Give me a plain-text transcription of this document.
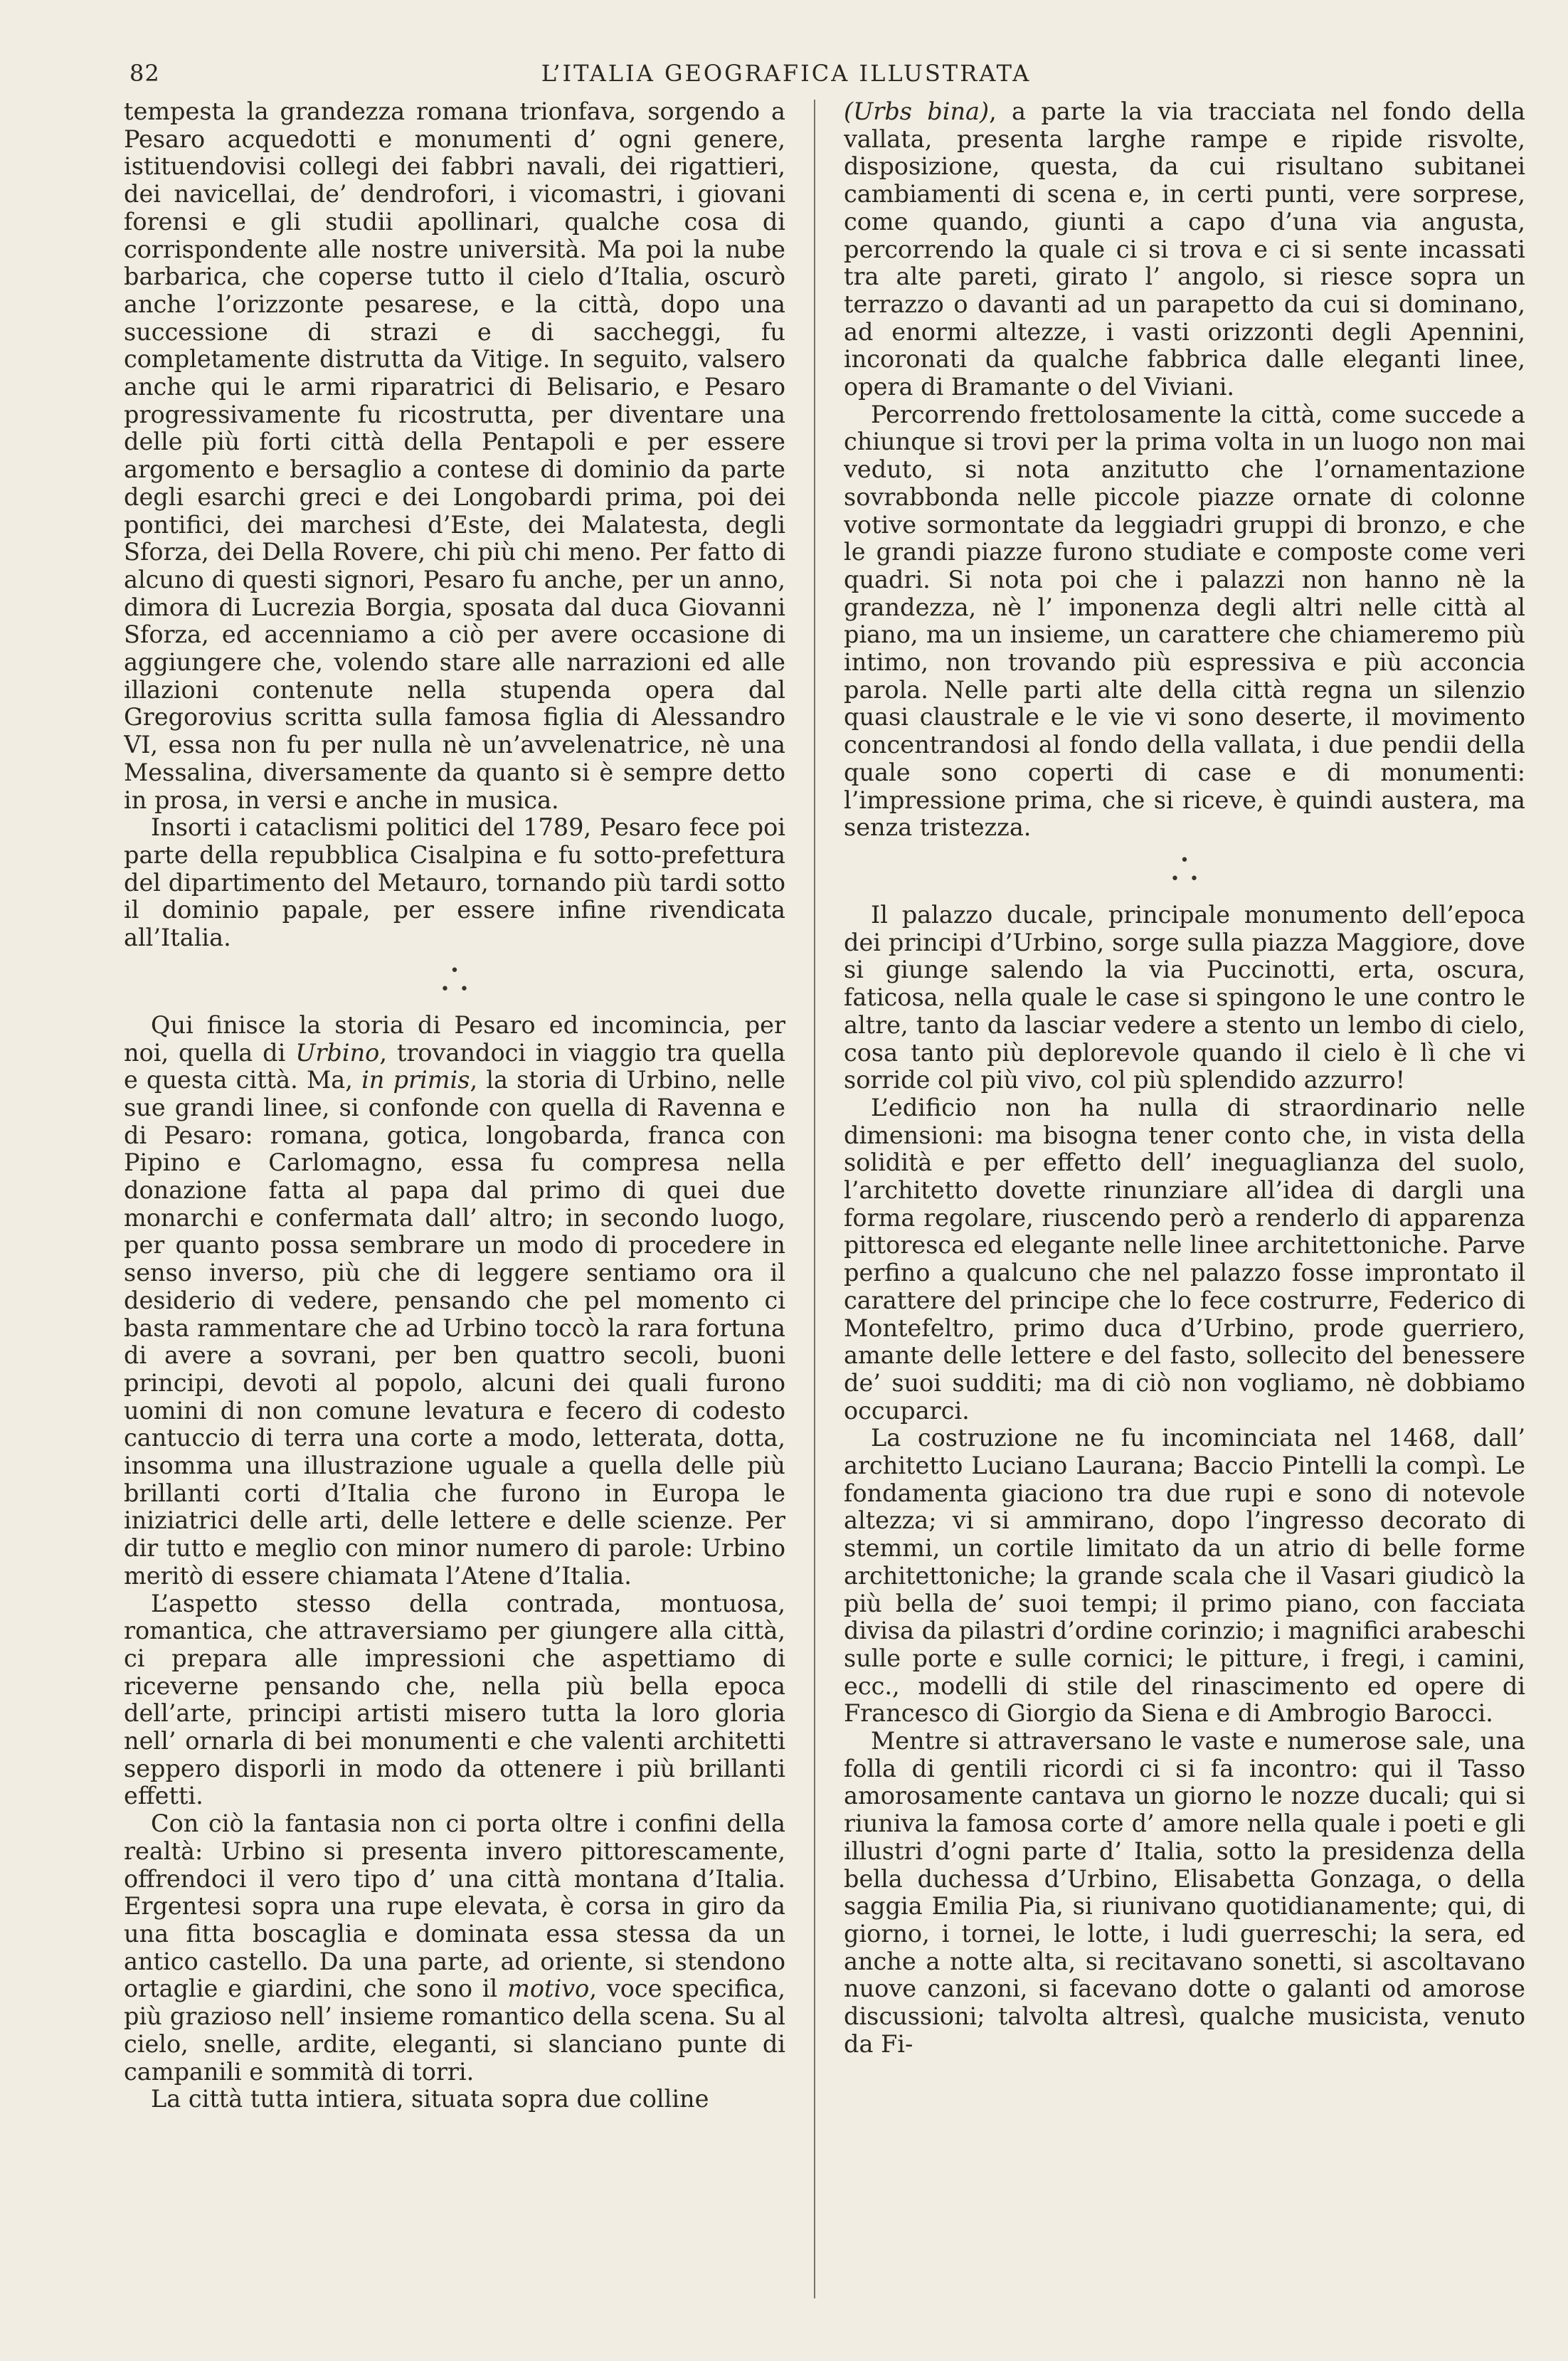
82	L’ITALIA GEOGRAFICA ILLUSTRATA

tempesta la grandezza romana trionfava, sorgendo a Pesaro acquedotti e monumenti d’ ogni genere, istituendovisi collegi dei fabbri navali, dei rigattieri, dei navicellai, de’ dendrofori, i vicomastri, i giovani forensi e gli studii apollinari, qualche cosa di corrispondente alle nostre università. Ma poi la nube barbarica, che coperse tutto il cielo d’Italia, oscurò anche l’orizzonte pesarese, e la città, dopo una successione di strazi e di saccheggi, fu completamente distrutta da Vitige. In seguito, valsero anche qui le armi riparatrici di Belisario, e Pesaro progressivamente fu ricostrutta, per diventare una delle più forti città della Pentapoli e per essere argomento e bersaglio a contese di dominio da parte degli esarchi greci e dei Longobardi prima, poi dei pontifici, dei marchesi d’Este, dei Malatesta, degli Sforza, dei Della Rovere, chi più chi meno. Per fatto di alcuno di questi signori, Pesaro fu anche, per un anno, dimora di Lucrezia Borgia, sposata dal duca Giovanni Sforza, ed accenniamo a ciò per avere occasione di aggiungere che, volendo stare alle narrazioni ed alle illazioni contenute nella stupenda opera dal Gregorovius scritta sulla famosa figlia di Alessandro VI, essa non fu per nulla nè un’avvelenatrice, nè una Messalina, diversamente da quanto si è sempre detto in prosa, in versi e anche in musica.

Insorti i cataclismi politici del 1789, Pesaro fece poi parte della repubblica Cisalpina e fu sotto-prefettura del dipartimento del Metauro, tornando più tardi sotto il dominio papale, per essere infine rivendicata all’Italia.

•
• •

Qui finisce la storia di Pesaro ed incomincia, per noi, quella di Urbino, trovandoci in viaggio tra quella e questa città. Ma, in primis, la storia di Urbino, nelle sue grandi linee, si confonde con quella di Ravenna e di Pesaro: romana, gotica, longobarda, franca con Pipino e Carlomagno, essa fu compresa nella donazione fatta al papa dal primo di quei due monarchi e confermata dall’ altro; in secondo luogo, per quanto possa sembrare un modo di procedere in senso inverso, più che di leggere sentiamo ora il desiderio di vedere, pensando che pel momento ci basta rammentare che ad Urbino toccò la rara fortuna di avere a sovrani, per ben quattro secoli, buoni principi, devoti al popolo, alcuni dei quali furono uomini di non comune levatura e fecero di codesto cantuccio di terra una corte a modo, letterata, dotta, insomma una illustrazione uguale a quella delle più brillanti corti d’Italia che furono in Europa le iniziatrici delle arti, delle lettere e delle scienze. Per dir tutto e meglio con minor numero di parole: Urbino meritò di essere chiamata l’Atene d’Italia.

L’aspetto stesso della contrada, montuosa, romantica, che attraversiamo per giungere alla città, ci prepara alle impressioni che aspettiamo di riceverne pensando che, nella più bella epoca dell’arte, principi artisti misero tutta la loro gloria nell’ ornarla di bei monumenti e che valenti architetti seppero disporli in modo da ottenere i più brillanti effetti.

Con ciò la fantasia non ci porta oltre i confini della realtà: Urbino si presenta invero pittorescamente, offrendoci il vero tipo d’ una città montana d’Italia. Ergentesi sopra una rupe elevata, è corsa in giro da una fitta boscaglia e dominata essa stessa da un antico castello. Da una parte, ad oriente, si stendono ortaglie e giardini, che sono il motivo, voce specifica, più grazioso nell’ insieme romantico della scena. Su al cielo, snelle, ardite, eleganti, si slanciano punte di campanili e sommità di torri.

La città tutta intiera, situata sopra due colline

(Urbs bina), a parte la via tracciata nel fondo della vallata, presenta larghe rampe e ripide risvolte, disposizione, questa, da cui risultano subitanei cambiamenti di scena e, in certi punti, vere sorprese, come quando, giunti a capo d’una via angusta, percorrendo la quale ci si trova e ci si sente incassati tra alte pareti, girato l’ angolo, si riesce sopra un terrazzo o davanti ad un parapetto da cui si dominano, ad enormi altezze, i vasti orizzonti degli Apennini, incoronati da qualche fabbrica dalle eleganti linee, opera di Bramante o del Viviani.

Percorrendo frettolosamente la città, come succede a chiunque si trovi per la prima volta in un luogo non mai veduto, si nota anzitutto che l’ornamentazione sovrabbonda nelle piccole piazze ornate di colonne votive sormontate da leggiadri gruppi di bronzo, e che le grandi piazze furono studiate e composte come veri quadri. Si nota poi che i palazzi non hanno nè la grandezza, nè l’ imponenza degli altri nelle città al piano, ma un insieme, un carattere che chiameremo più intimo, non trovando più espressiva e più acconcia parola. Nelle parti alte della città regna un silenzio quasi claustrale e le vie vi sono deserte, il movimento concentrandosi al fondo della vallata, i due pendii della quale sono coperti di case e di monumenti: l’impressione prima, che si riceve, è quindi austera, ma senza tristezza.

•
• •

Il palazzo ducale, principale monumento dell’epoca dei principi d’Urbino, sorge sulla piazza Maggiore, dove si giunge salendo la via Puccinotti, erta, oscura, faticosa, nella quale le case si spingono le une contro le altre, tanto da lasciar vedere a stento un lembo di cielo, cosa tanto più deplorevole quando il cielo è lì che vi sorride col più vivo, col più splendido azzurro!

L’edificio non ha nulla di straordinario nelle dimensioni: ma bisogna tener conto che, in vista della solidità e per effetto dell’ ineguaglianza del suolo, l’architetto dovette rinunziare all’idea di dargli una forma regolare, riuscendo però a renderlo di apparenza pittoresca ed elegante nelle linee architettoniche. Parve perfino a qualcuno che nel palazzo fosse improntato il carattere del principe che lo fece costrurre, Federico di Montefeltro, primo duca d’Urbino, prode guerriero, amante delle lettere e del fasto, sollecito del benessere de’ suoi sudditi; ma di ciò non vogliamo, nè dobbiamo occuparci.

La costruzione ne fu incominciata nel 1468, dall’ architetto Luciano Laurana; Baccio Pintelli la compì. Le fondamenta giaciono tra due rupi e sono di notevole altezza; vi si ammirano, dopo l’ingresso decorato di stemmi, un cortile limitato da un atrio di belle forme architettoniche; la grande scala che il Vasari giudicò la più bella de’ suoi tempi; il primo piano, con facciata divisa da pilastri d’ordine corinzio; i magnifici arabeschi sulle porte e sulle cornici; le pitture, i fregi, i camini, ecc., modelli di stile del rinascimento ed opere di Francesco di Giorgio da Siena e di Ambrogio Barocci.

Mentre si attraversano le vaste e numerose sale, una folla di gentili ricordi ci si fa incontro: qui il Tasso amorosamente cantava un giorno le nozze ducali; qui si riuniva la famosa corte d’ amore nella quale i poeti e gli illustri d’ogni parte d’ Italia, sotto la presidenza della bella duchessa d’Urbino, Elisabetta Gonzaga, o della saggia Emilia Pia, si riunivano quotidianamente; qui, di giorno, i tornei, le lotte, i ludi guerreschi; la sera, ed anche a notte alta, si recitavano sonetti, si ascoltavano nuove canzoni, si facevano dotte o galanti od amorose discussioni; talvolta altresì, qualche musicista, venuto da Fi-
